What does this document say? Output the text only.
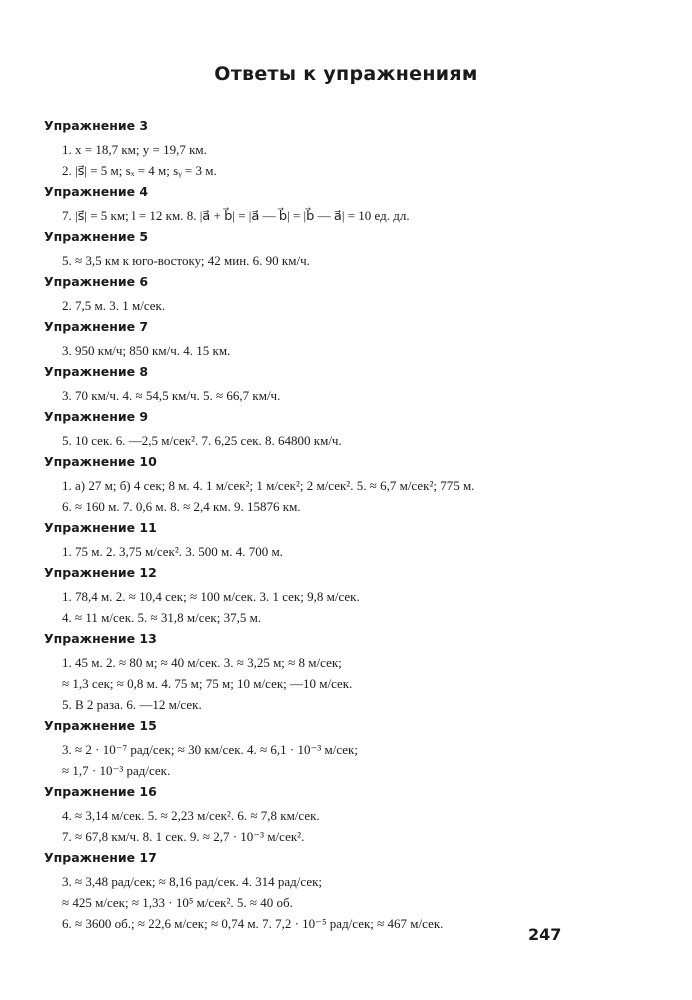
Ответы к упражнениям
Упражнение 3
1. x = 18,7 км; y = 19,7 км.
2. |s⃗| = 5 м; sₓ = 4 м; sᵧ = 3 м.
Упражнение 4
7. |s⃗| = 5 км; l = 12 км. 8. |a⃗ + b⃗| = |a⃗ — b⃗| = |b⃗ — a⃗| = 10 ед. дл.
Упражнение 5
5. ≈ 3,5 км к юго-востоку; 42 мин. 6. 90 км/ч.
Упражнение 6
2. 7,5 м. 3. 1 м/сек.
Упражнение 7
3. 950 км/ч; 850 км/ч. 4. 15 км.
Упражнение 8
3. 70 км/ч. 4. ≈ 54,5 км/ч. 5. ≈ 66,7 км/ч.
Упражнение 9
5. 10 сек. 6. —2,5 м/сек². 7. 6,25 сек. 8. 64800 км/ч.
Упражнение 10
1. а) 27 м; б) 4 сек; 8 м. 4. 1 м/сек²; 1 м/сек²; 2 м/сек². 5. ≈ 6,7 м/сек²; 775 м.
6. ≈ 160 м. 7. 0,6 м. 8. ≈ 2,4 км. 9. 15876 км.
Упражнение 11
1. 75 м. 2. 3,75 м/сек². 3. 500 м. 4. 700 м.
Упражнение 12
1. 78,4 м. 2. ≈ 10,4 сек; ≈ 100 м/сек. 3. 1 сек; 9,8 м/сек.
4. ≈ 11 м/сек. 5. ≈ 31,8 м/сек; 37,5 м.
Упражнение 13
1. 45 м. 2. ≈ 80 м; ≈ 40 м/сек. 3. ≈ 3,25 м; ≈ 8 м/сек;
≈ 1,3 сек; ≈ 0,8 м. 4. 75 м; 75 м; 10 м/сек; —10 м/сек.
5. В 2 раза. 6. —12 м/сек.
Упражнение 15
3. ≈ 2 · 10⁻⁷ рад/сек; ≈ 30 км/сек. 4. ≈ 6,1 · 10⁻³ м/сек;
≈ 1,7 · 10⁻³ рад/сек.
Упражнение 16
4. ≈ 3,14 м/сек. 5. ≈ 2,23 м/сек². 6. ≈ 7,8 км/сек.
7. ≈ 67,8 км/ч. 8. 1 сек. 9. ≈ 2,7 · 10⁻³ м/сек².
Упражнение 17
3. ≈ 3,48 рад/сек; ≈ 8,16 рад/сек. 4. 314 рад/сек;
≈ 425 м/сек; ≈ 1,33 · 10⁵ м/сек². 5. ≈ 40 об.
6. ≈ 3600 об.; ≈ 22,6 м/сек; ≈ 0,74 м. 7. 7,2 · 10⁻⁵ рад/сек; ≈ 467 м/сек.
247
